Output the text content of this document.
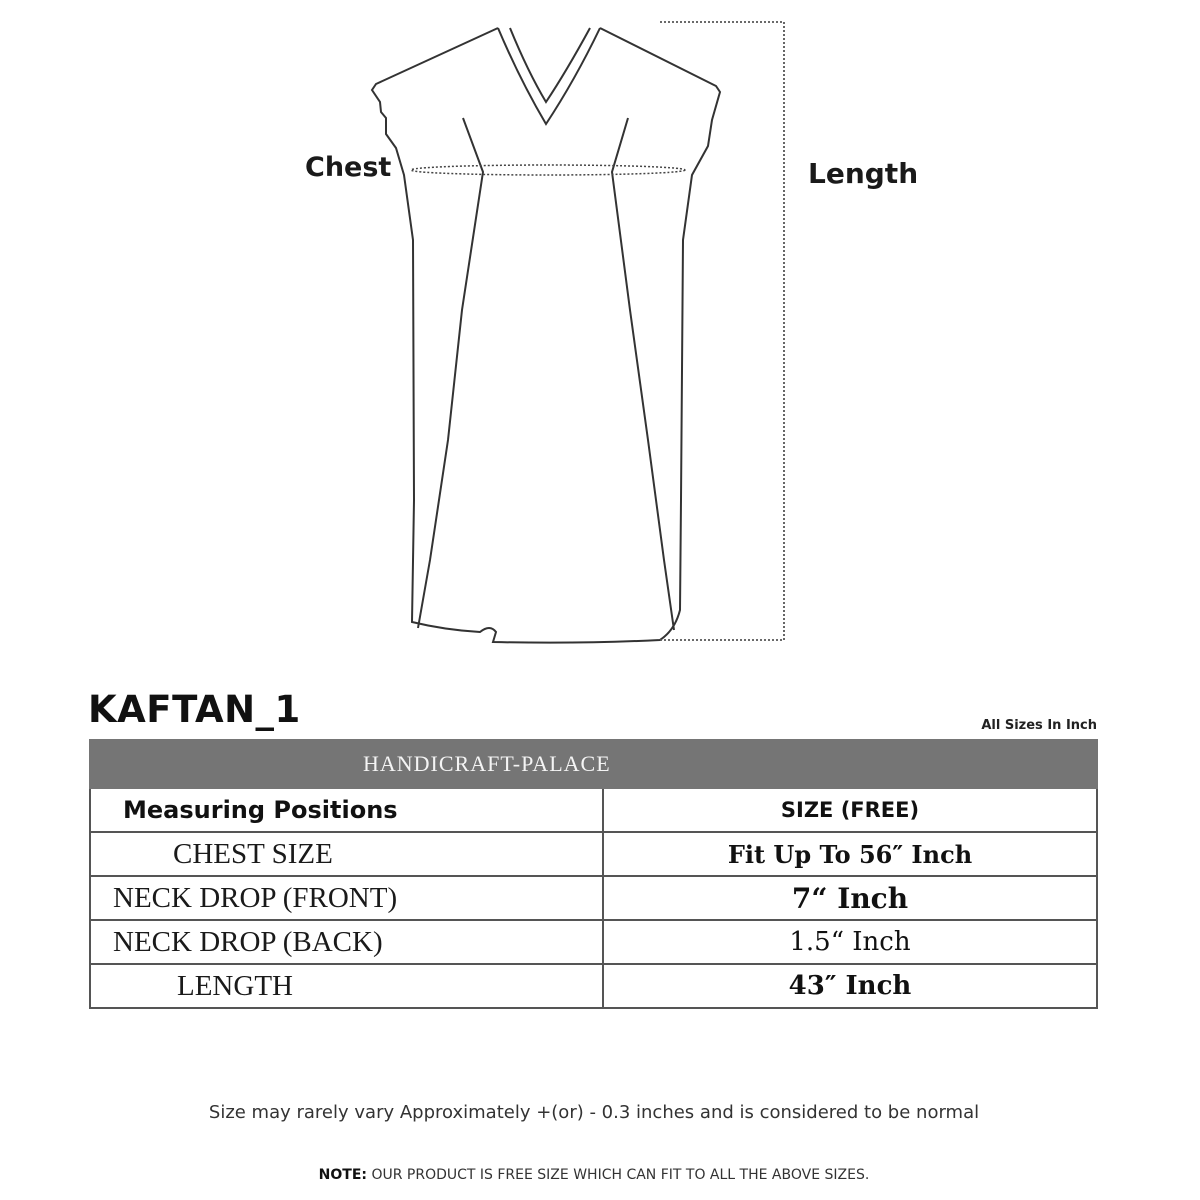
Chest	Length
KAFTAN_1	All Sizes In Inch
HANDICRAFT-PALACE	
Measuring Positions	SIZE (FREE)
CHEST SIZE	Fit Up To 56″ Inch
NECK DROP (FRONT)	7“ Inch
NECK DROP (BACK)	1.5“ Inch
LENGTH	43″ Inch
Size may rarely vary Approximately +(or) - 0.3 inches and is considered to be normal
NOTE: OUR PRODUCT IS FREE SIZE WHICH CAN FIT TO ALL THE ABOVE SIZES.
